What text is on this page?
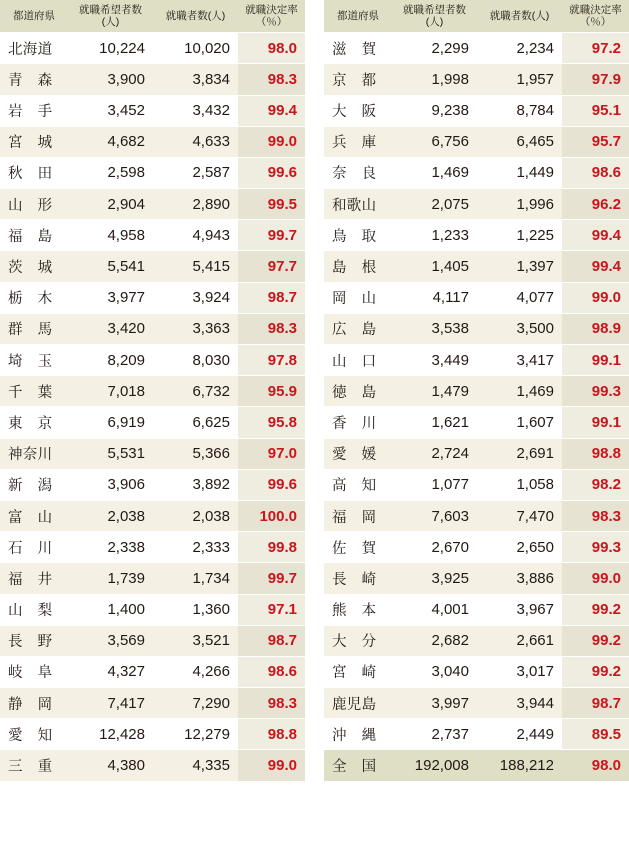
都道府県	就職希望者数(人)	就職者数(人)	就職決定率
（％）
北海道	10,224	10,020	98.0
青　森	3,900	3,834	98.3
岩　手	3,452	3,432	99.4
宮　城	4,682	4,633	99.0
秋　田	2,598	2,587	99.6
山　形	2,904	2,890	99.5
福　島	4,958	4,943	99.7
茨　城	5,541	5,415	97.7
栃　木	3,977	3,924	98.7
群　馬	3,420	3,363	98.3
埼　玉	8,209	8,030	97.8
千　葉	7,018	6,732	95.9
東　京	6,919	6,625	95.8
神奈川	5,531	5,366	97.0
新　潟	3,906	3,892	99.6
富　山	2,038	2,038	100.0
石　川	2,338	2,333	99.8
福　井	1,739	1,734	99.7
山　梨	1,400	1,360	97.1
長　野	3,569	3,521	98.7
岐　阜	4,327	4,266	98.6
静　岡	7,417	7,290	98.3
愛　知	12,428	12,279	98.8
三　重	4,380	4,335	99.0
都道府県	就職希望者数(人)	就職者数(人)	就職決定率
（％）
滋　賀	2,299	2,234	97.2
京　都	1,998	1,957	97.9
大　阪	9,238	8,784	95.1
兵　庫	6,756	6,465	95.7
奈　良	1,469	1,449	98.6
和歌山	2,075	1,996	96.2
鳥　取	1,233	1,225	99.4
島　根	1,405	1,397	99.4
岡　山	4,117	4,077	99.0
広　島	3,538	3,500	98.9
山　口	3,449	3,417	99.1
徳　島	1,479	1,469	99.3
香　川	1,621	1,607	99.1
愛　媛	2,724	2,691	98.8
高　知	1,077	1,058	98.2
福　岡	7,603	7,470	98.3
佐　賀	2,670	2,650	99.3
長　崎	3,925	3,886	99.0
熊　本	4,001	3,967	99.2
大　分	2,682	2,661	99.2
宮　崎	3,040	3,017	99.2
鹿児島	3,997	3,944	98.7
沖　縄	2,737	2,449	89.5
全　国	192,008	188,212	98.0
